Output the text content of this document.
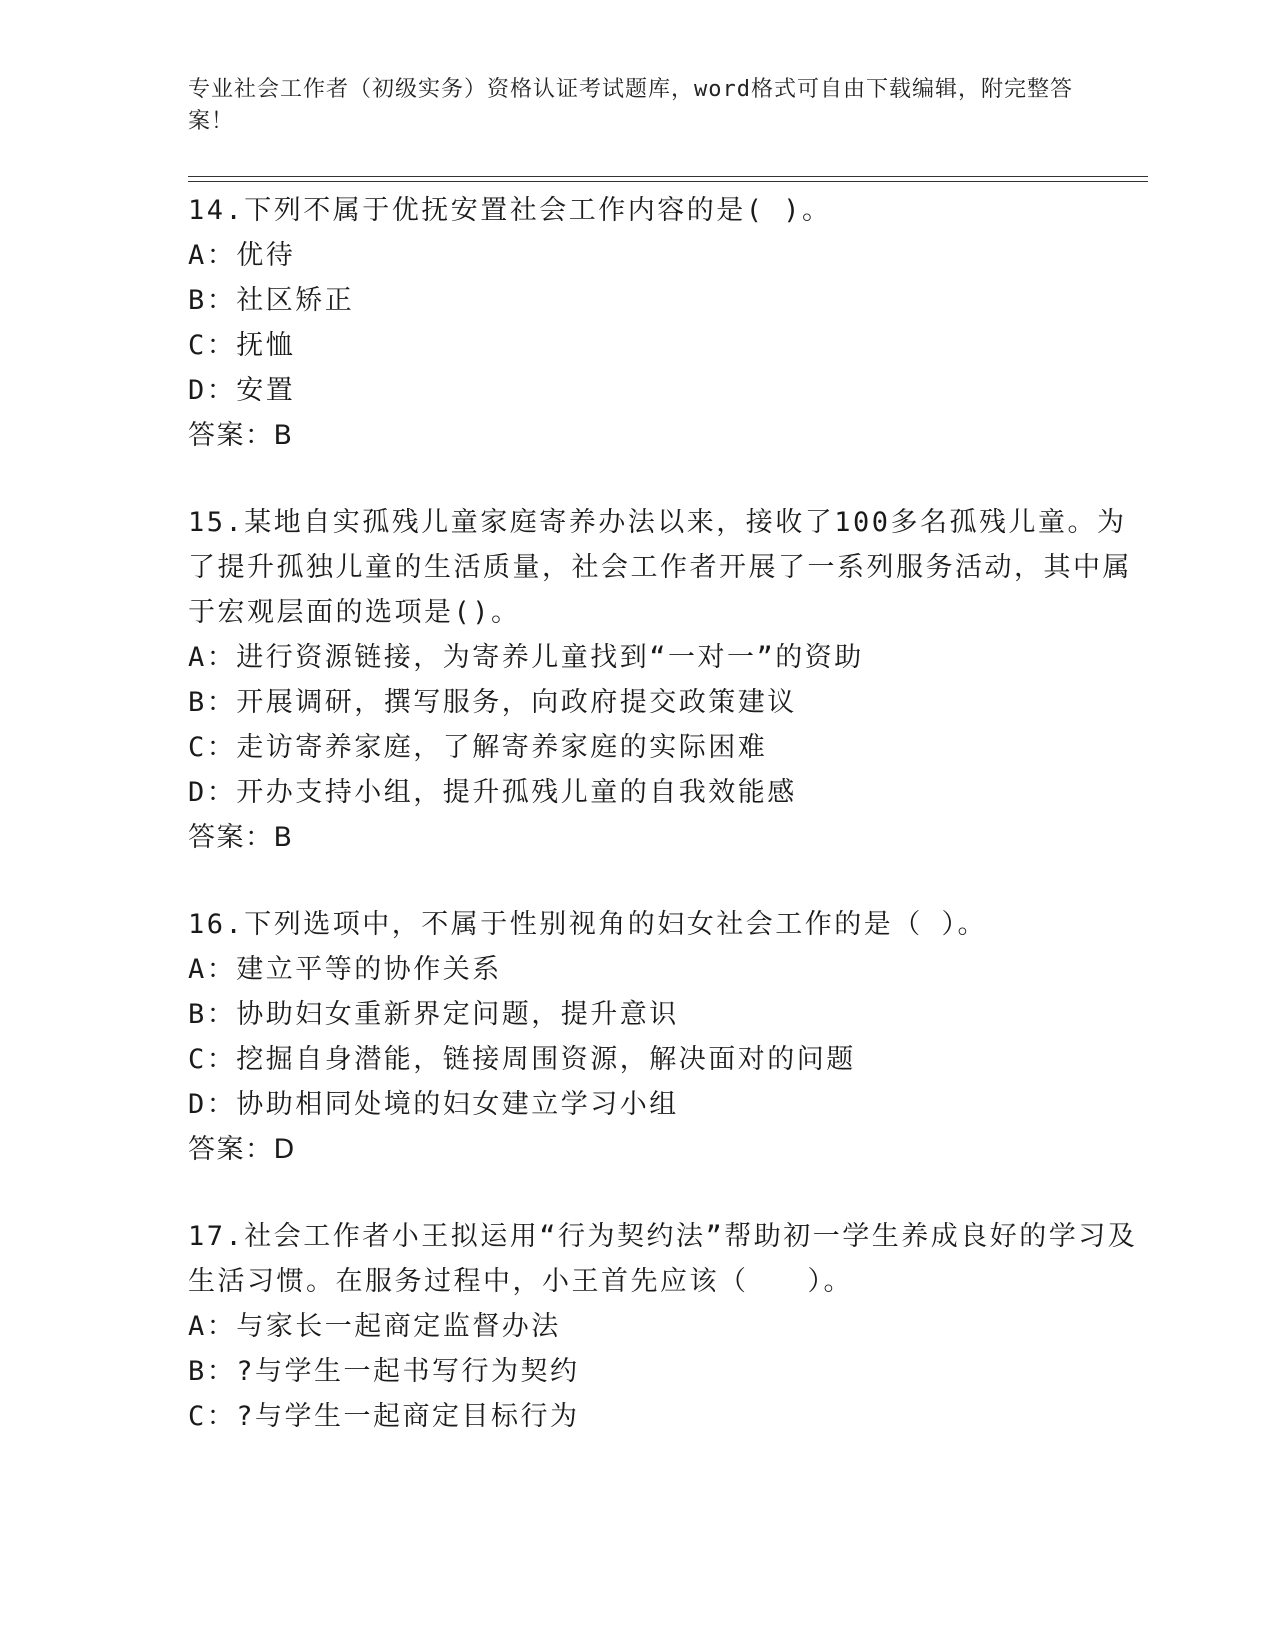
专业社会工作者（初级实务）资格认证考试题库，word格式可自由下载编辑，附完整答案！
14.下列不属于优抚安置社会工作内容的是( )。
A：优待
B：社区矫正
C：抚恤
D：安置
答案：B
15.某地自实孤残儿童家庭寄养办法以来，接收了100多名孤残儿童。为了提升孤独儿童的生活质量，社会工作者开展了一系列服务活动，其中属于宏观层面的选项是()。
A：进行资源链接，为寄养儿童找到“一对一”的资助
B：开展调研，撰写服务，向政府提交政策建议
C：走访寄养家庭，了解寄养家庭的实际困难
D：开办支持小组，提升孤残儿童的自我效能感
答案：B
16.下列选项中，不属于性别视角的妇女社会工作的是（ ）。
A：建立平等的协作关系
B：协助妇女重新界定问题，提升意识
C：挖掘自身潜能，链接周围资源，解决面对的问题
D：协助相同处境的妇女建立学习小组
答案：D
17.社会工作者小王拟运用“行为契约法”帮助初一学生养成良好的学习及生活习惯。在服务过程中，小王首先应该（　　）。
A：与家长一起商定监督办法
B：?与学生一起书写行为契约
C：?与学生一起商定目标行为
